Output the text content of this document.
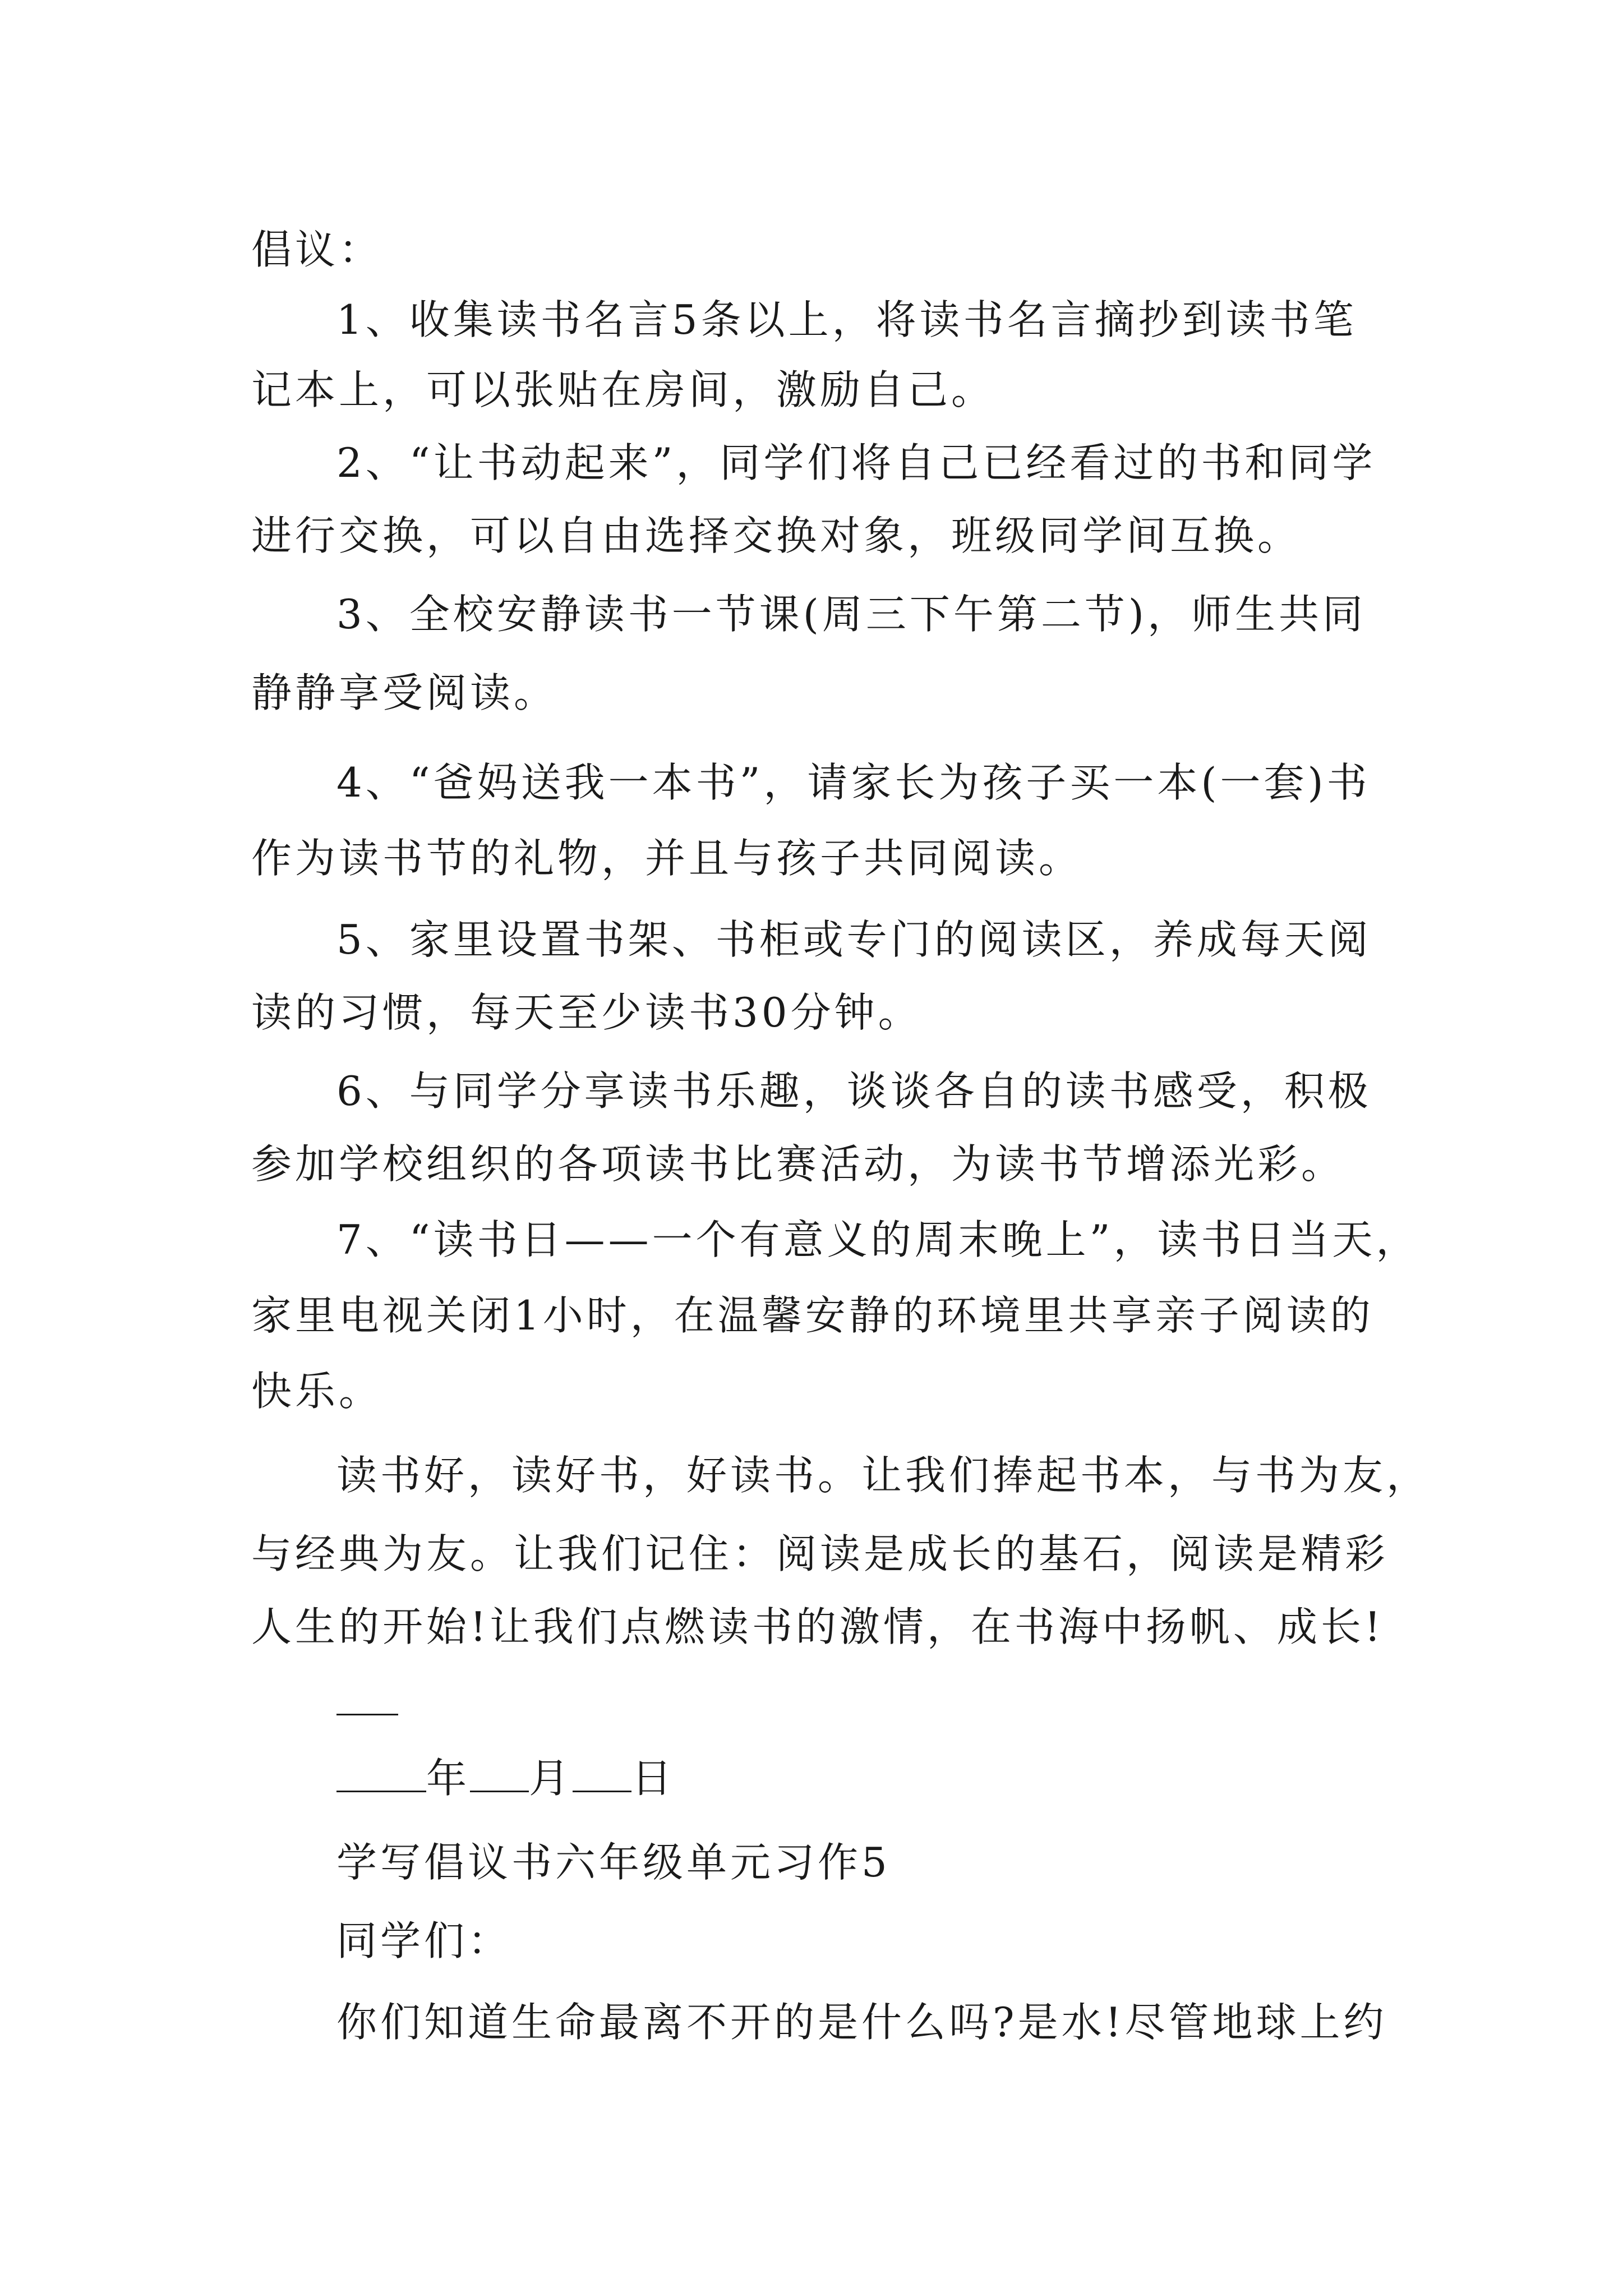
倡议：
1、收集读书名言5条以上，将读书名言摘抄到读书笔
记本上，可以张贴在房间，激励自己。
2、“让书动起来”，同学们将自己已经看过的书和同学
进行交换，可以自由选择交换对象，班级同学间互换。
3、全校安静读书一节课(周三下午第二节)，师生共同
静静享受阅读。
4、“爸妈送我一本书”，请家长为孩子买一本(一套)书
作为读书节的礼物，并且与孩子共同阅读。
5、家里设置书架、书柜或专门的阅读区，养成每天阅
读的习惯，每天至少读书30分钟。
6、与同学分享读书乐趣，谈谈各自的读书感受，积极
参加学校组织的各项读书比赛活动，为读书节增添光彩。
7、“读书日——一个有意义的周末晚上”，读书日当天，
家里电视关闭1小时，在温馨安静的环境里共享亲子阅读的
快乐。
读书好，读好书，好读书。让我们捧起书本，与书为友，
与经典为友。让我们记住：阅读是成长的基石，阅读是精彩
人生的开始!让我们点燃读书的激情，在书海中扬帆、成长!
年 月 日
学写倡议书六年级单元习作5
同学们：
你们知道生命最离不开的是什么吗?是水!尽管地球上约
